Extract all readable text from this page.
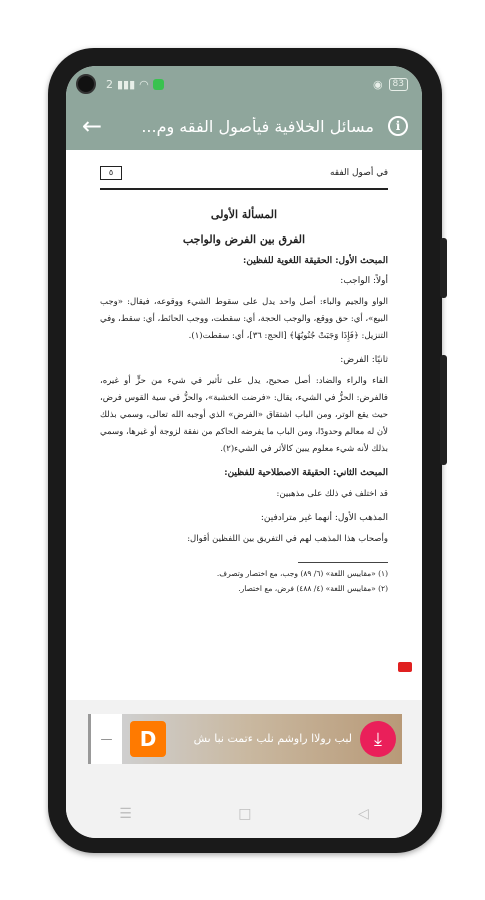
2 ▮▮▮ ◠	◉	83
←	مسائل الخلافية فيأصول الفقه وم...	i
في أصول الفقه
٥
المسألة الأولى
الفرق بين الفرض والواجب
المبحث الأول: الحقيقة اللغوية للفظين:
أولاً: الواجب:
الواو والجيم والباء: أصل واحد يدل على سقوط الشيء ووقوعه، فيقال: «وجب البيع»، أي: حق ووقع، والوجب الحجة، أي: سقطت، ووجب الحائط، أي: سقط، وفي التنزيل: ﴿فَإِذَا وَجَبَتْ جُنُوبُهَا﴾ [الحج: ٣٦]، أي: سقطت(١).
ثانيًا: الفرض:
الفاء والراء والضاد: أصل صحيح، يدل على تأثير في شيء من حزٍّ أو غيره، فالفرض: الحزُّ في الشيء، يقال: «فرضت الخشبة»، والحزُّ في سية القوس فرض، حيث يقع الوتر، ومن الباب اشتقاق «الفرض» الذي أوجبه الله تعالى، وسمي بذلك لأن له معالم وحدودًا، ومن الباب ما يفرضه الحاكم من نفقة لزوجة أو غيرها، وسمي بذلك لأنه شيء معلوم يبين كالأثر في الشيء(٢).
المبحث الثاني: الحقيقة الاصطلاحية للفظين:
قد اختلف في ذلك على مذهبين:
المذهب الأول: أنهما غير مترادفين:
وأصحاب هذا المذهب لهم في التفريق بين اللفظين أقوال:
(١) «مقاييس اللغة» (٦/ ٨٩) وجب، مع اختصار وتصرف.
(٢) «مقاييس اللغة» (٤/ ٤٨٨) فرض، مع اختصار.
—	⤓
لبب رولاا راوشم نلب ءتمت نبا ىش
D
☰	□	◁
